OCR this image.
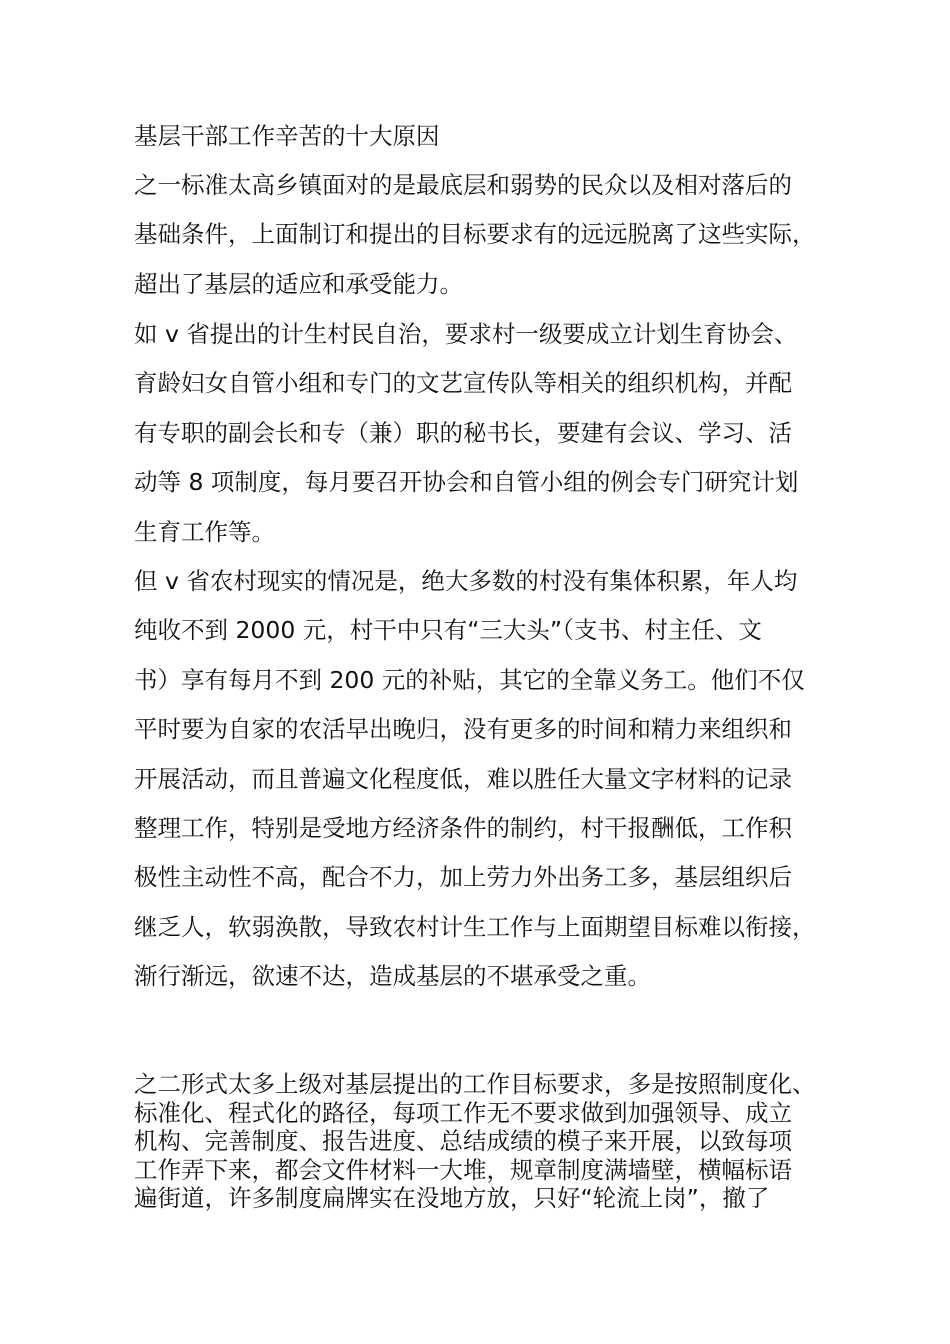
基层干部工作辛苦的十大原因
之一标准太高乡镇面对的是最底层和弱势的民众以及相对落后的
基础条件，上面制订和提出的目标要求有的远远脱离了这些实际，
超出了基层的适应和承受能力。
如 v 省提出的计生村民自治，要求村一级要成立计划生育协会、
育龄妇女自管小组和专门的文艺宣传队等相关的组织机构，并配
有专职的副会长和专（兼）职的秘书长，要建有会议、学习、活
动等 8 项制度，每月要召开协会和自管小组的例会专门研究计划
生育工作等。
但 v 省农村现实的情况是，绝大多数的村没有集体积累，年人均
纯收不到 2000 元，村干中只有“三大头”（支书、村主任、文
书）享有每月不到 200 元的补贴，其它的全靠义务工。他们不仅
平时要为自家的农活早出晚归，没有更多的时间和精力来组织和
开展活动，而且普遍文化程度低，难以胜任大量文字材料的记录
整理工作，特别是受地方经济条件的制约，村干报酬低，工作积
极性主动性不高，配合不力，加上劳力外出务工多，基层组织后
继乏人，软弱涣散，导致农村计生工作与上面期望目标难以衔接，
渐行渐远，欲速不达，造成基层的不堪承受之重。
之二形式太多上级对基层提出的工作目标要求，多是按照制度化、
标准化、程式化的路径，每项工作无不要求做到加强领导、成立
机构、完善制度、报告进度、总结成绩的模子来开展，以致每项
工作弄下来，都会文件材料一大堆，规章制度满墙壁，横幅标语
遍街道，许多制度扁牌实在没地方放，只好“轮流上岗”，撤了
